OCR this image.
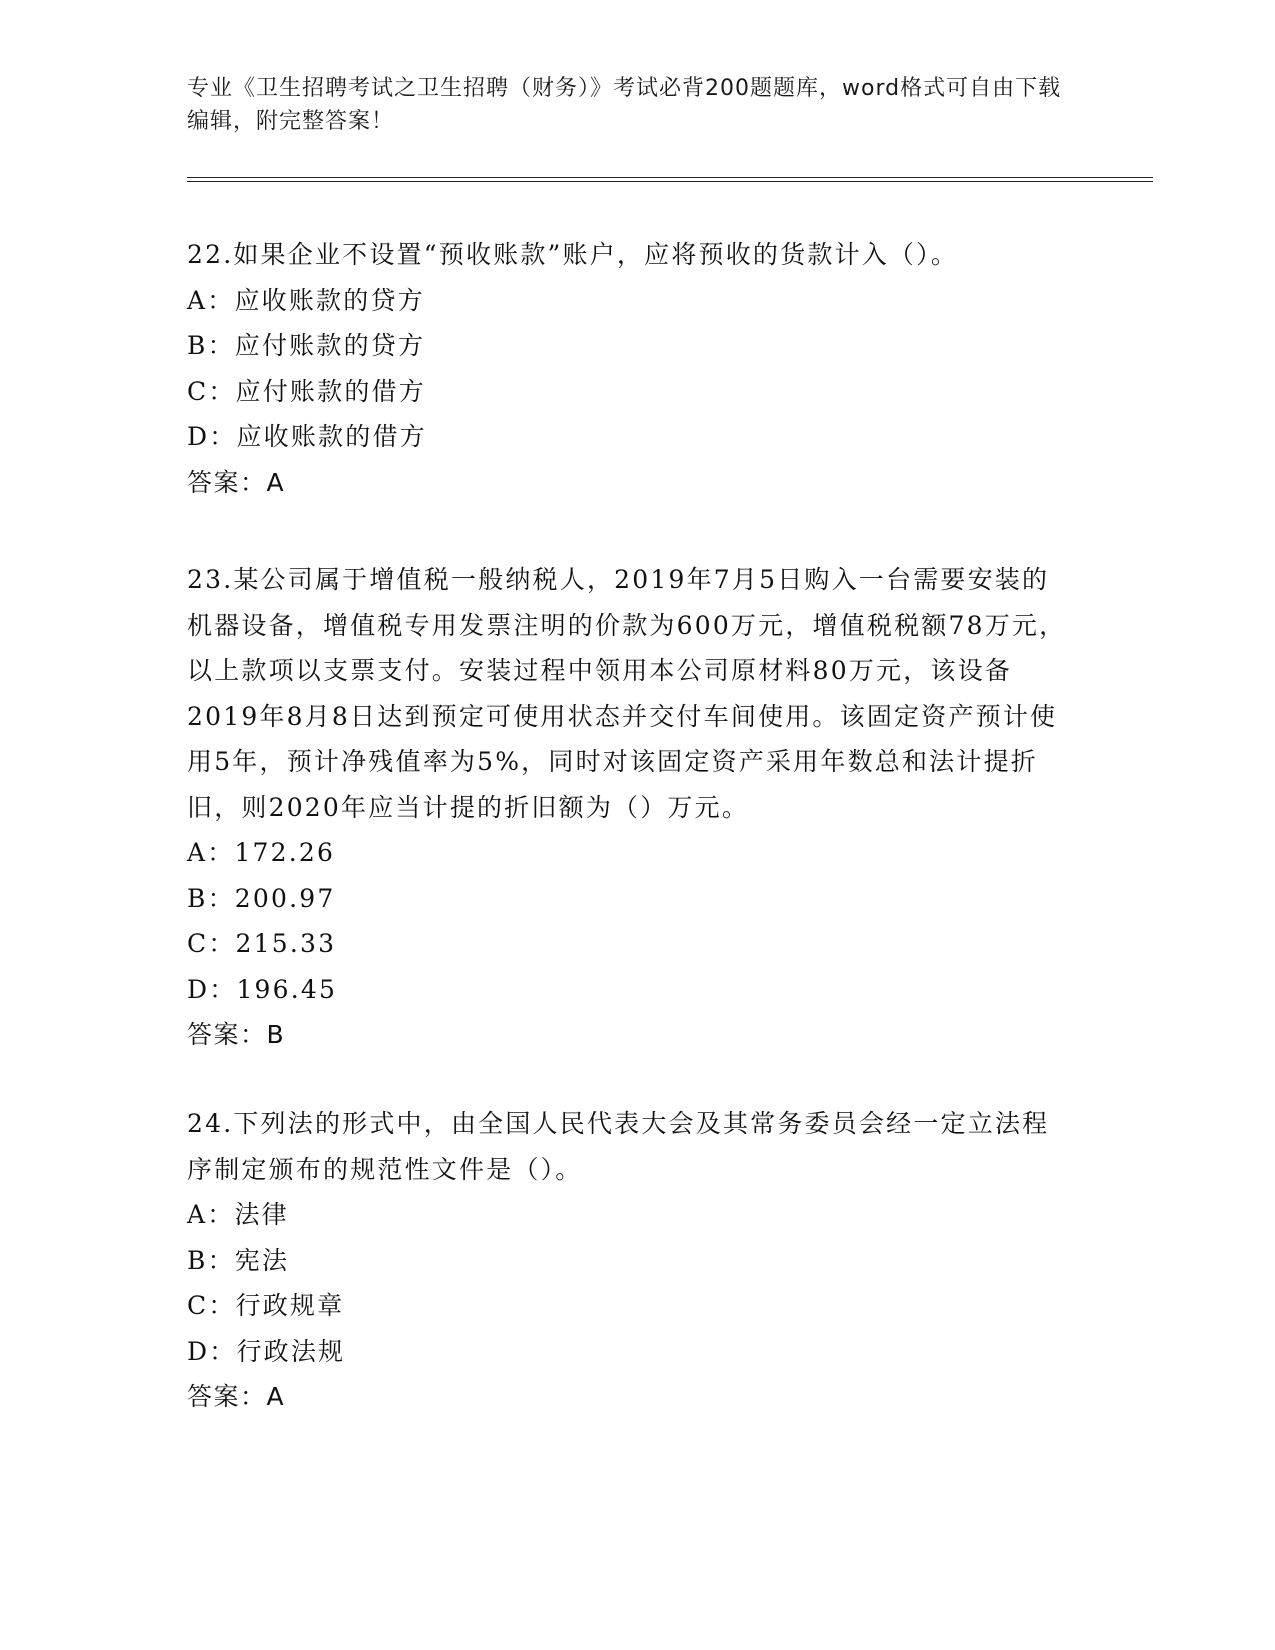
专业《卫生招聘考试之卫生招聘（财务）》考试必背200题题库，word格式可自由下载编辑，附完整答案！

22.如果企业不设置“预收账款”账户，应将预收的货款计入（）。

A：应收账款的贷方

B：应付账款的贷方

C：应付账款的借方

D：应收账款的借方

答案：A

23.某公司属于增值税一般纳税人，2019年7月5日购入一台需要安装的机器设备，增值税专用发票注明的价款为600万元，增值税税额78万元，以上款项以支票支付。安装过程中领用本公司原材料80万元，该设备2019年8月8日达到预定可使用状态并交付车间使用。该固定资产预计使用5年，预计净残值率为5%，同时对该固定资产采用年数总和法计提折旧，则2020年应当计提的折旧额为（）万元。

A：172.26

B：200.97

C：215.33

D：196.45

答案：B

24.下列法的形式中，由全国人民代表大会及其常务委员会经一定立法程序制定颁布的规范性文件是（）。

A：法律

B：宪法

C：行政规章

D：行政法规

答案：A
